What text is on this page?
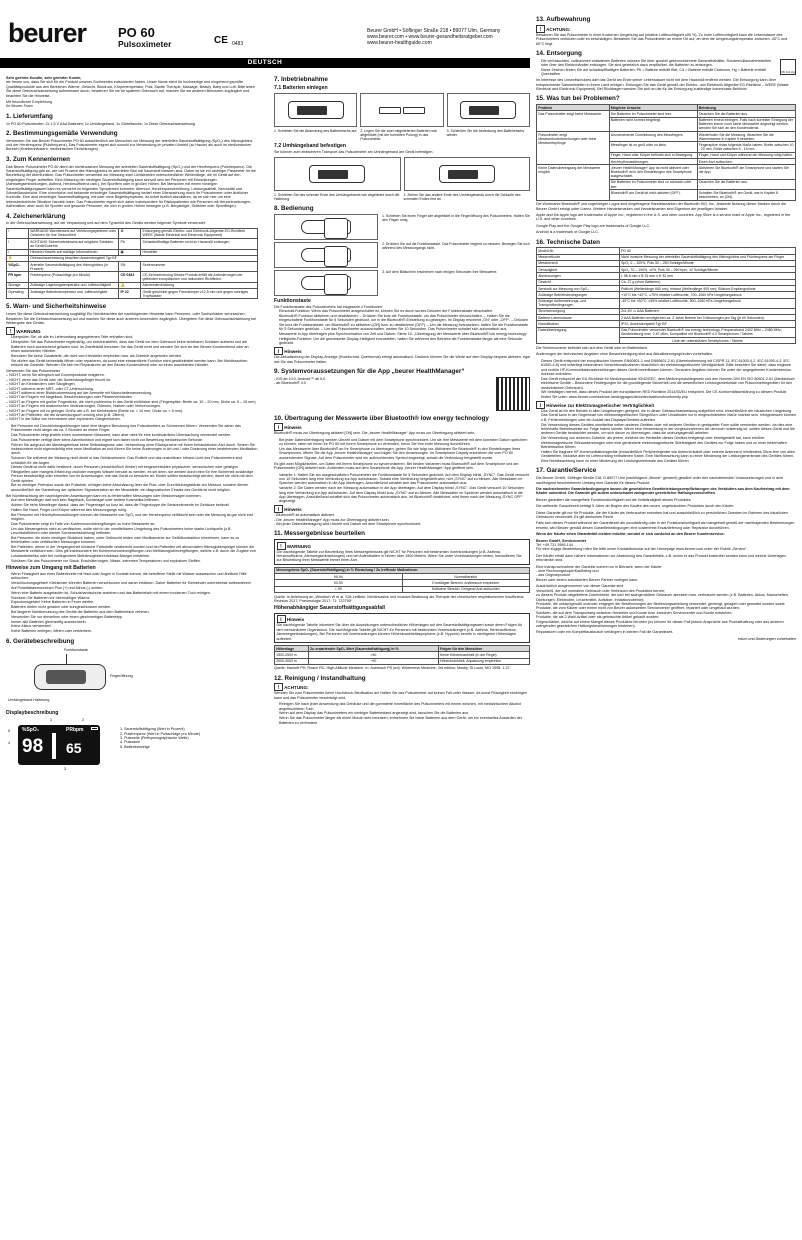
beurer PO 60
Pulsoximeter	CE 0483
Beurer GmbH • Söflinger Straße 218 • 89077 Ulm, Germany
www.beurer.com • www.beurer-gesundheitsratgeber.com
www.beurer-healthguide.com
DEUTSCH
Sehr geehrte Kundin, sehr geehrter Kunde,
wir freuen uns, dass Sie sich für ein Produkt unseres Sortimentes entschieden haben. Unser Name steht für hochwertige und eingehend geprüfte Qualitätsprodukte aus den Bereichen Wärme, Gewicht, Blutdruck, Körpertemperatur, Puls, Sanfte Therapie, Massage, Beauty, Baby und Luft. Bitte lesen Sie diese Gebrauchsanweisung aufmerksam durch, bewahren Sie sie für späteren Gebrauch auf, machen Sie sie anderen Benutzern zugänglich und beachten Sie die Hinweise.
Mit freundlicher Empfehlung
Ihr Beurer-Team
1. Lieferumfang
1x PO 60 Pulsoximeter, 2x 1,5 V AAA Batterien, 1x Umhängeband, 1x Gürteltasche, 1x Diese Gebrauchsanweisung
2. Bestimmungsgemäße Verwendung
Verwenden Sie das Beurer Pulsoximeter PO 60 ausschließlich am Menschen zur Messung der arteriellen Sauerstoffsättigung (SpO₂) des Hämoglobins und der Herzfrequenz (Pulsfrequenz). Das Pulsoximeter eignet sich sowohl zur Verwendung im privaten Umfeld (zu Hause) als auch im medizinischen Bereich (Krankenhäusern, medizinischen Einrichtungen).
3. Zum Kennenlernen
Das Beurer Pulsoximeter PO 60 dient der nichtinvasiven Messung der arteriellen Sauerstoffsättigung (SpO₂) und der Herzfrequenz (Pulsfrequenz). Die Sauerstoffsättigung gibt an, wie viel Prozent des Hämoglobins im arteriellen Blut mit Sauerstoff beladen sind. Daher ist sie ein wichtiger Parameter für die Beurteilung der Atemfunktion. Das Pulsoximeter verwendet zur Messung zwei Lichtstrahlen unterschiedlicher Wellenlänge, die im Gerät auf den eingelegten Finger auftreffen. Eine Messung der niedrigen Sauerstoffsättigung kann sinnvoll sein bei Personen mit Erkrankungen (Atemwegserkrankungen, Asthma, Herzinsuffizienz usw.), bei Sportlern oder in großen Höhen. Bei Menschen mit einem niedrigen Sauerstoffsättigungswert kann es vermehrt zu folgenden Symptomen kommen: Atemnot, Herzfrequenzerhöhung, Leistungsabfall, Nervosität und Schweißausbrüche. Eine chronische und bekannte erniedrigte Sauerstoffsättigung bedarf einer Überwachung durch Ihr Pulsoximeter unter ärztlicher Kontrolle. Eine akut erniedrigte Sauerstoffsättigung, mit oder ohne Begleitsymptome, ist sofort ärztlich abzuklären, da es sich hier um eine lebensbedrohliche Situation handeln kann. Das Pulsoximeter eignet sich daher insbesondere für Risikopatienten wie Personen mit Herzerkrankungen, Asthmatiker, aber auch für Sportler und gesunde Personen, die sich in großen Höhen bewegen (z.B. Bergsteiger, Skifahrer oder Sportflieger).
4. Zeichenerklärung
In der Gebrauchsanweisung, auf der Verpackung und auf dem Typschild des Geräts werden folgende Symbole verwendet:
!	WARNUNG Warnhinweis auf Verletzungsgefahren oder Gefahren für Ihre Gesundheit	♻	Entsorgung gemäß Elektro- und Elektronik-Altgeräte EG-Richtlinie WEEE (Waste Electrical and Electronic Equipment)
!	ACHTUNG Sicherheitshinweis auf mögliche Schäden an Gerät/Zubehör	Pb	Schadstoffhaltige Batterien nicht im Hausmüll entsorgen
i	Hinweis Hinweis auf wichtige Informationen	▣	Hersteller
✋	Gebrauchsanweisung beachten Anwendungsteil Typ BF		
%SpO₂	Arterielle Sauerstoffsättigung des Hämoglobins (in Prozent)	SN	Seriennummer
PR bpm	Pulsfrequenz (Pulsschläge pro Minute)	CE 0483	CE-Kennzeichnung Dieses Produkt erfüllt die Anforderungen der geltenden europäischen und nationalen Richtlinien.
Storage	Zulässige Lagerungstemperatur und -luftfeuchtigkeit	🔔	Alarmunterdrückung
Operating	Zulässige Betriebstemperatur und -luftfeuchtigkeit	IP 22	Gerät geschützt gegen Fremdkörper ≥12,5 mm und gegen schräges Tropfwasser
5. Warn- und Sicherheitshinweise
Lesen Sie diese Gebrauchsanweisung sorgfältig! Ein Nichtbeachten der nachfolgenden Hinweise kann Personen- oder Sachschäden verursachen. Bewahren Sie die Gebrauchsanweisung auf und machen Sie diese auch anderen Anwendern zugänglich. Übergeben Sie diese Gebrauchsanweisung bei Weitergabe des Geräts.
! WARNUNG
• Überprüfen Sie, ob alle im Lieferumfang angegebenen Teile enthalten sind.
• Überprüfen Sie das Pulsoximeter regelmäßig, um sicherzustellen, dass das Gerät vor dem Gebrauch keine sichtbaren Schäden aufweist und die Batterien noch ausreichend geladen sind. Im Zweifelsfall benutzen Sie das Gerät nicht und wenden Sie sich an den Beurer-Kundendienst oder an einen autorisierten Händler.
• Benutzen Sie keine Zusatzteile, die nicht vom Hersteller empfohlen bzw. als Zubehör angeboten werden.
• Sie dürfen das Gerät keinesfalls öffnen oder reparieren, da sonst eine einwandfreie Funktion nicht gewährleistet werden kann. Bei Nichtbeachten erlischt die Garantie. Wenden Sie sich bei Reparaturen an den Beurer-Kundendienst oder an einen autorisierten Händler.
Verwenden Sie das Pulsoximeter
– NICHT, wenn Sie allergisch auf Gummiprodukte reagieren.
– NICHT, wenn das Gerät oder der Anwendungsfinger feucht ist.
– NICHT an Kleinkindern oder Säuglingen.
– NICHT während einer MRT- oder CT-Untersuchung.
– NICHT während einer Blutdruckmessung auf der Armseite mit Manschettenanwendung.
– NICHT an Fingern mit Nagellack, Beschmutzungen oder Pflasterverbänden.
– NICHT an Fingern mit großer Fingerdicke, die nicht problemlos in das Gerät einführbar sind (Fingerspitze: Breite ca. 10 – 20 mm, Dicke ca. 5 – 15 mm).
– NICHT an Fingern mit anatomischen Veränderungen, Ödemen, Narben oder Verbrennungen.
– NICHT an Fingern mit zu geringer Größe wie z.B. bei Kleinkindern (Breite ca. < 10 mm, Dicke ca. < 5 mm).
– NICHT an Patienten, die am Anwendungsort unruhig sind (z.B. Zittern).
– NICHT in der Nähe von brennbaren oder explosiven Gasgemischen.
• Bei Personen mit Durchblutungsstörungen kann eine längere Benutzung des Pulsoximeters zu Schmerzen führen. Verwenden Sie daher das Pulsoximeter nicht länger als ca. 2 Stunden an einem Finger.
• Das Pulsoximeter zeigt jeweils einen momentanen Messwert, kann aber nicht für eine kontinuierliche Überwachung verwendet werden.
• Das Pulsoximeter verfügt über keine Alarmfunktion und eignet sich daher nicht zur Bewertung medizinischer Befunde.
• Führen Sie aufgrund der Messergebnisse keine Selbstdiagnose oder -behandlung ohne Rücksprache mit Ihrem behandelnden Arzt durch. Setzen Sie insbesondere nicht eigenmächtig eine neue Medikation an und führen Sie keine Änderungen in Art und / oder Dosierung einer bestehenden Medikation durch.
• Schauen Sie während der Messung nicht direkt in das Gehäuseinnere. Das Rotlicht und das unsichtbare Infrarot-Licht des Pulsoximeters sind schädlich für die Augen.
• Dieses Gerät ist nicht dafür bestimmt, durch Personen (einschließlich Kinder) mit eingeschränkten physischen, sensorischen oder geistigen Fähigkeiten oder mangels Erfahrung und/oder mangels Wissen benutzt zu werden, es sei denn, sie werden durch eine für ihre Sicherheit zuständige Person beaufsichtigt oder erhielten von ihr Anweisungen, wie das Gerät zu benutzen ist. Kinder sollten beaufsichtigt werden, damit sie nicht mit dem Gerät spielen.
• Bei zu niedriger Perfusion sowie der Pulsstufe, erfolgen keine Abschätzung über die Puls- oder Durchblutungsstärke am Messort, sondern dienen ausschließlich der Darstellung der optischen Signalvariation an der Messstelle, ein diagnostischer Einsatz des Geräts ist nicht möglich.
Bei Nichtbeachtung der nachfolgenden Anweisungen kann es zu fehlerhaften Messungen oder Messversagen kommen.
• Auf dem Messfinger darf sich kein Nagellack, Kunstnagel oder andere Kosmetika befinden.
• Achten Sie beim Messfinger darauf, dass der Fingernagel so kurz ist, dass die Fingerkuppe die Sensorelemente im Gehäuse bedeckt.
• Halten Sie Hand, Finger und Körper während des Messvorgangs ruhig.
• Bei Personen mit Herzrhythmusstörungen können die Messwerte von SpO₂ und der Herzfrequenz verfälscht sein oder die Messung ist gar nicht erst möglich.
• Das Pulsoximeter zeigt im Falle von Kohlenmonoxidvergiftungen zu hohe Messwerte an.
• Um das Messergebnis nicht zu verfälschen, sollte sich in der unmittelbaren Umgebung des Pulsoximeters keine starke Lichtquelle (z.B. Leuchtstoffröhren oder direkte Sonneneinstrahlung) befinden.
• Bei Personen, die einen niedrigen Blutdruck haben, unter Gelbsucht leiden oder Medikamente zur Gefäßkontraktion einnehmen, kann es zu fehlerhaften oder verfälschten Messungen kommen.
• Bei Patienten, denen in der Vergangenheit klinische Farbstoffe verabreicht wurden und bei Patienten mit abnormalem Hämoglobinspiegel können die Messwerte verfälscht sein. Dies gilt insbesondere bei Kohlenmonoxidvergiftungen und Methämoglobinvergiftungen, welche z.B. durch die Zugabe von Lokalanästhetika oder bei vorliegendem Methämoglobinreduktase-Mangel entstehen.
• Schützen Sie das Pulsoximeter vor Staub, Erschütterungen, Nässe, extremen Temperaturen und explosiven Stoffen.
Hinweise zum Umgang mit Batterien
• Wenn Flüssigkeit aus einer Batteriezelle mit Haut oder Augen in Kontakt kommt, die betroffene Stelle mit Wasser auswaschen und ärztliche Hilfe aufsuchen.
• Verschluckungsgefahr! Kleinkinder könnten Batterien verschlucken und daran ersticken. Daher Batterien für Kleinkinder unerreichbar aufbewahren!
• Auf Polaritätskennzeichen Plus (+) und Minus (-) achten.
• Wenn eine Batterie ausgelaufen ist, Schutzhandschuhe anziehen und das Batteriefach mit einem trockenen Tuch reinigen.
• Schützen Sie Batterien vor übermäßiger Wärme.
• Explosionsgefahr! Keine Batterien in Feuer werfen.
• Batterien dürfen nicht geladen oder kurzgeschlossen werden.
• Bei längerer Nichtbenutzung des Geräts die Batterien aus dem Batteriefach nehmen.
• Verwenden Sie nur denselben oder einen gleichwertigen Batterietyp.
• Immer alle Batterien gleichzeitig auswechseln.
• Keine Akkus verwenden!
• Keine Batterien zerlegen, öffnen oder zerkleinern.
6. Gerätebeschreibung
Funktionstaste
Fingeröffnung
Umhängeband-Halterung
Displaybeschreibung
%SpO₂	PRbpm
98 65
5
4
1	2
3
1. Sauerstoffsättigung (Wert in Prozent)
2. Pulsfrequenz (Wert in Pulsschläge pro Minute)
3. Pulswelle (Plethysmographische Welle)
4. Pulssäule
5. Batterieanzeige
7. Inbetriebnahme
7.1 Batterien einlegen
1. Schieben Sie die Abdeckung des Batteriefachs auf. 2. Legen Sie die zwei mitgelieferten Batterien wie abgebildet (mit der korrekten Polung) in das Pulsoximeter.
3. Schließen Sie die Abdeckung des Batteriefachs wieder.
7.2 Umhängeband befestigen
Sie können zum einfacheren Transport das Pulsoximeter am Umhängeband am Gerät befestigen.
1. Schieben Sie das schmale Ende des Umhängebands wie abgebildet durch die Halterung.
2. Ziehen Sie das andere Ende des Umhängebands durch die Schlaufe des schmalen Endes fest an.
8. Bedienung
1. Schieben Sie einen Finger wie abgebildet in die Fingeröffnung des Pulsoximeters. Halten Sie den Finger ruhig.
2. Drücken Sie auf die Funktionstaste. Das Pulsoximeter beginnt zu messen. Bewegen Sie sich während des Messvorgangs nicht.
3. Auf dem Bildschirm erscheinen nach einigen Sekunden Ihre Messwerte.
Funktionstaste
Die Funktionstaste des Pulsoximeters hat insgesamt 4 Funktionen:
• Einschalt-Funktion: Wenn das Pulsoximeter ausgeschaltet ist, können Sie es durch kurzes Drücken der Funktionstaste einschalten.
• Bluetooth®-Funktion aktivieren und deaktivieren: – Drücken Sie kurz die Funktionstaste, um das Pulsoximeter einzuschalten. – Halten Sie die eingeschaltete Funktionstaste für 5 Sekunden gedrückt, um in die Bluetooth®-Einstellung zu gelangen. Im Display erscheint „ON“ oder „OFF“. – Drücken Sie kurz die Funktionstaste, um Bluetooth® zu aktivieren [ON] bzw. zu deaktivieren [OFF]. – Um die Messung fortzusetzen, halten Sie die Funktionstaste für 5 Sekunden gedrückt. – Um das Pulsoximeter auszuschalten, warten Sie 10 Sekunden. Das Pulsoximeter schaltet sich automatisch aus.
• Messwerte in App übertragen plus Synchronisation von Zeit und Datum: Siehe 10. „Übertragung der Messwerte über Bluetooth® low energy technology“.
• Helligkeits-Funktion: Um die gewünschte Display-Helligkeit einzustellen, halten Sie während des Betriebs die Funktionstaste länger als eine Sekunde gedrückt.
i Hinweis
Die Aktualisierung der Display-Anzeige (Hochformat, Querformat) erfolgt automatisch. Dadurch können Sie die Werte auf dem Display bequem ablesen, egal wie Sie das Pulsoximeter halten.
9. Systemvoraussetzungen für die App „beurer HealthManager“
- iOS ab 10.0, Android™ ab 5.0
- ab Bluetooth® 4.0
10. Übertragung der Messwerte über Bluetooth® low energy technology
i Hinweis
Bluetooth® muss zur Übertragung aktiviert [ON] sein. Die „beurer HealthManager“ App muss zur Übertragung aktiviert sein.
• Bei jeder Datenübertragung werden Uhrzeit und Datum mit dem Smartphone synchronisiert. Um sie Ihre Messwerte mit dem korrekten Datum speichern zu können, raten wir Ihnen Ihr PO 60 mit Ihrem Smartphone zu verbinden, bevor Sie Ihre erste Messung durchführen.
• Um das Messwerte über Bluetooth® an Ihr Smartphone zu übertragen, gehen Sie wie folgt vor: Aktivieren Sie Bluetooth® in den Einstellungen Ihres Smartphones, öffnen Sie die App „beurer HealthManager“ und folgen Sie den Anweisungen. Im Smartphone Display erscheinen die vom PO 60 aussendenden Signale. Auf dem Pulsoximeter wird ein aufleuchtendes Symbol angezeigt, sobald die Verbindung hergestellt wurde.
Es gibt zwei Möglichkeiten, um Daten mit Ihrem Smartphone zu synchronisieren. Bei beiden Varianten muss Bluetooth® auf dem Smartphone und am Pulsoximeter [ON] aktiviert sein. Außerdem muss auf dem Smartphone die App „beurer HealthManager“ App geöffnet sein.
• Variante 1: Halten Sie am ausgeschalteten Pulsoximeter die Funktionstaste für 5 Sekunden gedrückt. Auf dem Display blinkt „SYNC“. Das Gerät versucht nun 10 Sekunden lang eine Verbindung zur App aufzubauen. Sobald eine Verbindung hergestellt wird, hört „SYNC“ auf zu blinken. Alle Messdaten im Speicher werden automatisch in die App übertragen. Anschließend schaltet sich das Pulsoximeter automatisch aus.
• Variante 2: Die Daten werden nach der Messung automatisch in die App übertragen. Auf dem Display blinkt „SYNC“. Das Gerät versucht 10 Sekunden lang eine Verbindung zur App aufzubauen. Auf dem Display blinkt kurz „SYNC“ auf zu blinken. Alle Messdaten im Speicher werden automatisch in die App übertragen. Anschließend schaltet sich das Pulsoximeter automatisch aus. Ist Bluetooth® deaktiviert, wird Ihnen nach der Messung „SYNC OFF“ angezeigt.
i Hinweis
- Bluetooth® ist automatisch aktiviert.
- Die „beurer HealthManager“ App muss zur Übertragung aktiviert sein.
- Bei jeder Datenübertragung wird Uhrzeit und Datum mit dem Smartphone synchronisiert.
11. Messergebnisse beurteilen
! WARNUNG
Die nachfolgende Tabelle zur Beurteilung Ihres Messergebnisses gilt NICHT für Personen mit bestimmten Vorerkrankungen (z.B. Asthma, Herzinsuffizienz, Atemwegserkrankungen) und bei Aufenthalten in Höhen über 1500 Metern. Wenn Sie unter Vorerkrankungen leiden, konsultieren Sie zur Beurteilung Ihrer Messwerte immer Ihren Arzt.
Messergebnis SpO₂ (Sauerstoffsättigung) in % Einstufung / Zu treffende Maßnahmen	
99-94	Normalbereich
93-90	Ermäßigter Bereich: Arztbesuch empfohlen
< 90	Kritischer Bereich: Dringend Arzt aufsuchen
Quelle: In Anlehnung an „Windisch W et al. S2k-Leitlinie: Nichtinvasive und invasive Beatmung als Therapie der chronischen respiratorischen Insuffizienz. Revision 2017; Pneumologie 2017; 71: 722795“
Höhenabhängiger Sauerstoffsättigungsabfall
i Hinweis
Die nachfolgende Tabelle informiert Sie über die Auswirkungen unterschiedlicher Höhenlagen auf den Sauerstoffsättigungswert sowie deren Folgen für den menschlichen Organismus. Die nachfolgende Tabelle gilt NICHT für Personen mit bestimmten Vorerkrankungen (z.B. Asthma, Herzinsuffizienz, Atemwegserkrankungen). Bei Personen mit Vorerkrankungen können Höhenkrankheitssymptome (z.B. Hypoxie) bereits in niedrigeren Höhenlagen auftreten.
Höhenlage	Zu erwartender SpO₂-Wert (Sauerstoffsättigung) in %	Folgen für den Menschen
1500-2500 m	>90	Keine Höhenkrankheit (in der Regel)
2500-3000 m	~90	Höhenkrankheit, Anpassung empfohlen
Quelle: Hackett PH, Roach RC: High-Altitude Medicine. In: Auerbach PS (ed): Wilderness Medicine, 3rd edition; Mosby, St Louis, MO 1995: 1-37.
12. Reinigung / Instandhaltung
! ACHTUNG:
Wenden Sie zum Pulsoximeter keine Hochdruck-Sterilisation an! Halten Sie das Pulsoximeter auf keinen Fall unter Wasser, da sonst Flüssigkeit eindringen kann und das Pulsoximeter beschädigt wird.
• Reinigen Sie nach jeder Anwendung das Gehäuse und die gummierte Innenfläche des Pulsoximeters mit einem weichen, mit medizinischem Alkohol angefeuchteten Tuch.
• Wenn auf dem Display das Pulsoximeters ein niedriger Batteriestand angezeigt wird, tauschen Sie die Batterien aus.
• Wenn Sie das Pulsoximeter länger als einen Monat nicht benutzen, entnehmen Sie beide Batterien aus dem Gerät, um ein eventuelles Auslaufen der Batterien zu verhindern.
13. Aufbewahrung
! ACHTUNG:
Bewahren Sie das Pulsoximeter in einer trockenen Umgebung auf (relative Luftfeuchtigkeit ≤95 %). Zu hohe Luftfeuchtigkeit kann die Lebensdauer des Pulsoximeters verkürzen oder es beschädigen. Bewahren Sie das Pulsoximeter an einem Ort auf, an dem die Umgebungstemperatur zwischen -40°C und 60°C liegt.
14. Entsorgung
Pb Cd Hg
• Die verbrauchten, vollkommen entladenen Batterien müssen Sie über speziell gekennzeichnete Sammelbehälter, Sondermüllannahmestellen oder über den Elektrohändler entsorgen. Sie sind gesetzlich dazu verpflichtet, die Batterien zu entsorgen.
• Diese Zeichen finden Sie auf schadstoffhaltigen Batterien: Pb = Batterie enthält Blei, Cd = Batterie enthält Cadmium, Hg = Batterie enthält Quecksilber
Im Interesse des Umweltschutzes darf das Gerät am Ende seiner Lebensdauer nicht mit dem Hausmüll entfernt werden. Die Entsorgung kann über entsprechende Sammelstellen in Ihrem Land erfolgen. Entsorgen Sie das Gerät gemäß der Elektro- und Elektronik Altgeräte EG-Richtlinie – WEEE (Waste Electrical and Electronic Equipment). Bei Rückfragen wenden Sie sich an die für die Entsorgung zuständige kommunale Behörde.
15. Was tun bei Problemen?
Problem	Mögliche Ursache	Behebung
Das Pulsoximeter zeigt keine Messwerte	Die Batterien im Pulsoximeter sind leer.	Tauschen Sie die Batterien aus.
	Batterien nicht korrekt eingelegt.	Batterien erneut einlegen. Falls nach korrekter Einlegung der Batterien immer noch keine Messwerte angezeigt werden, wenden Sie sich an den Kundendienst.
Pulsoximeter zeigt Messwertunterbrechungen oder hohe Messwertsprünge	Unzureichende Durchblutung des Messfingers.	Wiederholen Sie die Messung. Beachten Sie die Warnhinweise in Kapitel 5 beachten.
	Messfinger ist zu groß oder zu klein.	Fingerspitze muss folgende Maße haben: Breite zwischen 10 - 20 mm, Dicke zwischen 5 - 15 mm.
	Finger, Hand oder Körper befindet sich in Bewegung.	Finger, Hand und Körper während der Messung ruhig halten.
	Herzrhythmusstörungen.	Einen Arzt aufsuchen.
Keine Datenübertragung der Messwerte möglich	„beurer HealthManager“ App ist nicht aktiviert oder Bluetooth® ist in den Einstellungen des Smartphone ausgeschaltet.	Aktivieren Sie Bluetooth® am Smartphone und starten Sie die App.
	Die Batterien im Pulsoximeter sind zu schwach oder leer.	Tauschen Sie die Batterien aus.
	Bluetooth® am Gerät ist nicht aktiviert (OFF).	Schalten Sie Bluetooth® am Gerät, wie in Kapitel 8 beschrieben, an (ON).
Die Wortmarke Bluetooth® und zugehörigen Logos sind eingetragene Handelsmarken der Bluetooth SIG, Inc. Jedwede Nutzung dieser Marken durch die Beurer GmbH erfolgt unter Lizenz. Weitere Handelsmarken und Handelsnamen sind Eigentum der jeweiligen Inhaber.
Apple and the Apple logo are trademarks of Apple Inc., registered in the U.S. and other countries. App Store is a service mark of Apple Inc., registered in the U.S. and other countries.
Google Play and the Google Play logo are trademarks of Google LLC.
Android is a trademark of Google LLC.
16. Technische Daten
Modell-Nr.	PO 60
Messmethode	Nicht invasive Messung der arteriellen Sauerstoffsättigung des Hämoglobins und Pulsfrequenz am Finger
Messbereich	SpO₂ 0 – 100%, Puls 30 – 250 Schläge/Minute
Genauigkeit	SpO₂ 70 – 100%, ±2%, Puls 30 – 250 bpm, ±2 Schläge/Minute
Abmessungen	L 58,5 mm x B 31 mm x H 32 mm
Gewicht	Ca. 27 g (ohne Batterien)
Sensorik zur Messung von SpO₂	Rotlicht (Wellenlänge 660 nm); Infrarot (Wellenlänge 905 nm); Silizium-Empfangsdiode
Zulässige Betriebsbedingungen	+10°C bis +40°C, ≤75% relative Luftfeuchte, 700–1060 hPa Umgebungsdruck
Zulässige Aufbewahrungs- und Transportbedingungen	-40°C bis +60°C, ≤95% relative Luftfeuchte, 500–1060 hPa Umgebungsdruck
Stromversorgung	2x1,5V ▭ AAA Batterien
Batterie-Lebensdauer	2 AAA Batterien ermöglichen ca. 2 Jahre Betrieb bei 3 Messungen pro Tag (je 60 Sekunden).
Klassifikation	IP22, Anwendungsteil Typ BF
Datenübertragung	Das Pulsoximeter verwendet Bluetooth® low energy technology, Frequenzband 2402 MHz – 2480 MHz, Sendeleistung max. 2,67 dBm, Kompatibel mit Bluetooth® 4.0 Smartphones / Tablets
	Liste der unterstützten Smartphones / Tablets
Die Seriennummer befindet sich auf dem Gerät oder im Batteriefach.
Änderungen der technischen Angaben ohne Benachrichtigung sind aus Aktualisierungsgründen vorbehalten.
• Dieses Gerät entspricht der europäischen Normen EN60601-1 und EN80601-2-61 (Übereinstimmung mit CISPR 11, IEC 61000-4-2, IEC 61000-4-3, IEC 61000-4-8) und unterliegt besonderen Vorsichtsmaßnahmen hinsichtlich der elektromagnetischen Verträglichkeit. Bitte beachten Sie dabei, dass tragbare und mobile HF-Kommunikationseinrichtungen dieses Gerät beeinflussen können. Genauere Angaben können Sie unter der angegebenen Kundenservice-Adresse anfordern.
• Das Gerät entspricht der EU-Richtlinie für Medizinprodukte 93/42/EEC, dem Medizinproduktegesetz und den Normen DIN EN ISO 80601-2-61 (Medizinisch elektrische Geräte – Besondere Festlegungen für die grundlegende Sicherheit und die wesentlichen Leistungsmerkmale von Pulsoximetriegeräten für den medizinischen Gebrauch).
• Wir bestätigen hiermit, dass dieses Produkt der europäischen RED Richtlinie 2014/53/EU entspricht. Die CE-Konformitätserklärung zu diesem Produkt finden Sie unter: www.beurer.com/web/we-landingpages/de/cedeclarationofconformity.php
i Hinweise zur Elektromagnetischer Verträglichkeit
• Das Gerät ist für den Betrieb in allen Umgebungen geeignet, die in dieser Gebrauchsanweisung aufgeführt sind, einschließlich der häuslichen Umgebung.
• Das Gerät kann in der Gegenwart von elektromagnetischen Störgrößen unter Umständen nur in eingeschränktem Maße nutzbar sein. Infolgedessen können z.B. Fehlermeldungen oder ein Ausfall des Displays/Gerätes auftreten.
• Die Verwendung dieses Gerätes unmittelbar neben anderen Geräten oder mit anderen Geräten in gestapelter Form sollte vermieden werden, da dies eine fehlerhafte Betriebsweise zur Folge haben könnte. Wenn eine Verwendung in der vorgeschriebenen Art dennoch notwendig ist, sollten dieses Gerät und die anderen Geräte beobachtet werden, um sich davon zu überzeugen, dass sie ordnungsgemäß arbeiten.
• Die Verwendung von anderem Zubehör, als jenem, welches der Hersteller dieses Gerätes festgelegt oder bereitgestellt hat, kann erhöhte elektromagnetische Störaussendungen oder eine geminderte elektromagnetische Störfestigkeit des Gerätes zur Folge haben und zu einer fehlerhaften Betriebsweise führen.
• Halten Sie tragbare HF-Kommunikationsgeräte (einschließlich Peripheriegeräte wie Antennenkabel oder externe Antennen) mindestens 30cm fern von allen Geräteteilen, inklusive aller im Lieferumfang enthaltenen Kabel. Eine Nichtbeachtung kann zu einer Minderung der Leistungsmerkmale des Gerätes führen.
• Eine Nichtbeachtung kann zu einer Minderung der Leistungsmerkmale des Gerätes führen.
17. Garantie/Service
Die Beurer GmbH, Söflinger Straße 218, D-89077 Ulm (nachfolgend „Beurer“ genannt) gewährt unter den nachstehenden Voraussetzungen und in dem nachfolgend beschriebenen Umfang eine Garantie für dieses Produkt.
Die nachstehenden Garantiebedingungen lassen die gesetzlichen Gewährleistungsverpflichtungen des Verkäufers aus dem Kaufvertrag mit dem Käufer unberührt. Die Garantie gilt zudem unbeschadet zwingender gesetzlicher Haftungsvorschriften.
Beurer garantiert die mangelfreie Funktionstüchtigkeit und die Vollständigkeit dieses Produktes.
Die weltweite Garantiezeit beträgt 5 Jahre ab Beginn des Kaufes des neuen, ungebrauchten Produktes durch den Käufer.
Diese Garantie gilt nur für Produkte, die der Käufer als Verbraucher erworben hat und ausschließlich zu persönlichen Zwecken im Rahmen des häuslichen Gebrauchs verwendet. Es gilt deutsches Recht.
Falls sich dieses Produkt während der Garantiezeit als unvollständig oder in der Funktionstüchtigkeit als mangelhaft gemäß der nachfolgenden Bestimmungen erweist, wird Beurer gemäß diesen Garantiebedingungen eine kostenfreie Ersatzlieferung oder Reparatur durchführen.
Wenn der Käufer einen Garantiefall melden möchte, wendet er sich zunächst an den Beurer Kundenservice:
Beurer GmbH, Servicecenter
Tel: +49 731 3989-144
Für eine zügige Bearbeitung rufen Sie bitte unser Kontaktformular auf der Homepage www.beurer.com unter der Rubrik „Service“.
Der Käufer erhält dann nähere Informationen zur Abwicklung des Garantiefalls, z.B. wohin er das Produkt kostenfrei senden kann und welche Unterlagen erforderlich sind.
Eine Inanspruchnahme der Garantie kommt nur in Betracht, wenn der Käufer
- eine Rechnungskopie/Kaufbeleg und
- das Originalprodukt
Beurer oder einem autorisierten Beurer Partner vorlegen kann.
Ausdrücklich ausgenommen von dieser Garantie sind
Verschleiß, der auf normalem Gebrauch oder Verbrauch des Produktes beruht;
zu diesem Produkt mitgelieferte Zubehörteile, die sich bei sachgemäßem Gebrauch abnutzen bzw. verbraucht werden (z.B. Batterien, Akkus, Manschetten, Dichtungen, Elektroden, Leuchtmittel, Aufsätze, Inhalatorzubehör);
Produkte, die unsachgemäß und/oder entgegen der Bestimmungen der Bedienungsanleitung verwendet, gereinigt, gelagert oder gewartet wurden sowie Produkte, die vom Käufer oder einem nicht von Beurer autorisierten Servicecenter geöffnet, repariert oder umgebaut wurden;
Schäden, die auf dem Transportweg zwischen Hersteller und Kunde bzw. zwischen Servicecenter und Kunde entstehen;
Produkte, die als 2.Wahl-Artikel oder als gebrauchte Artikel gekauft wurden;
Folgeschäden, welche auf einem Mangel dieses Produktes beruhen (es können für diesen Fall jedoch Ansprüche aus Produkthaftung oder aus anderen zwingenden gesetzlichen Haftungsbestimmungen bestehen).
Reparaturen oder ein Komplettaustausch verlängern in keinem Fall die Garantiezeit.
Irrtum und Änderungen vorbehalten
